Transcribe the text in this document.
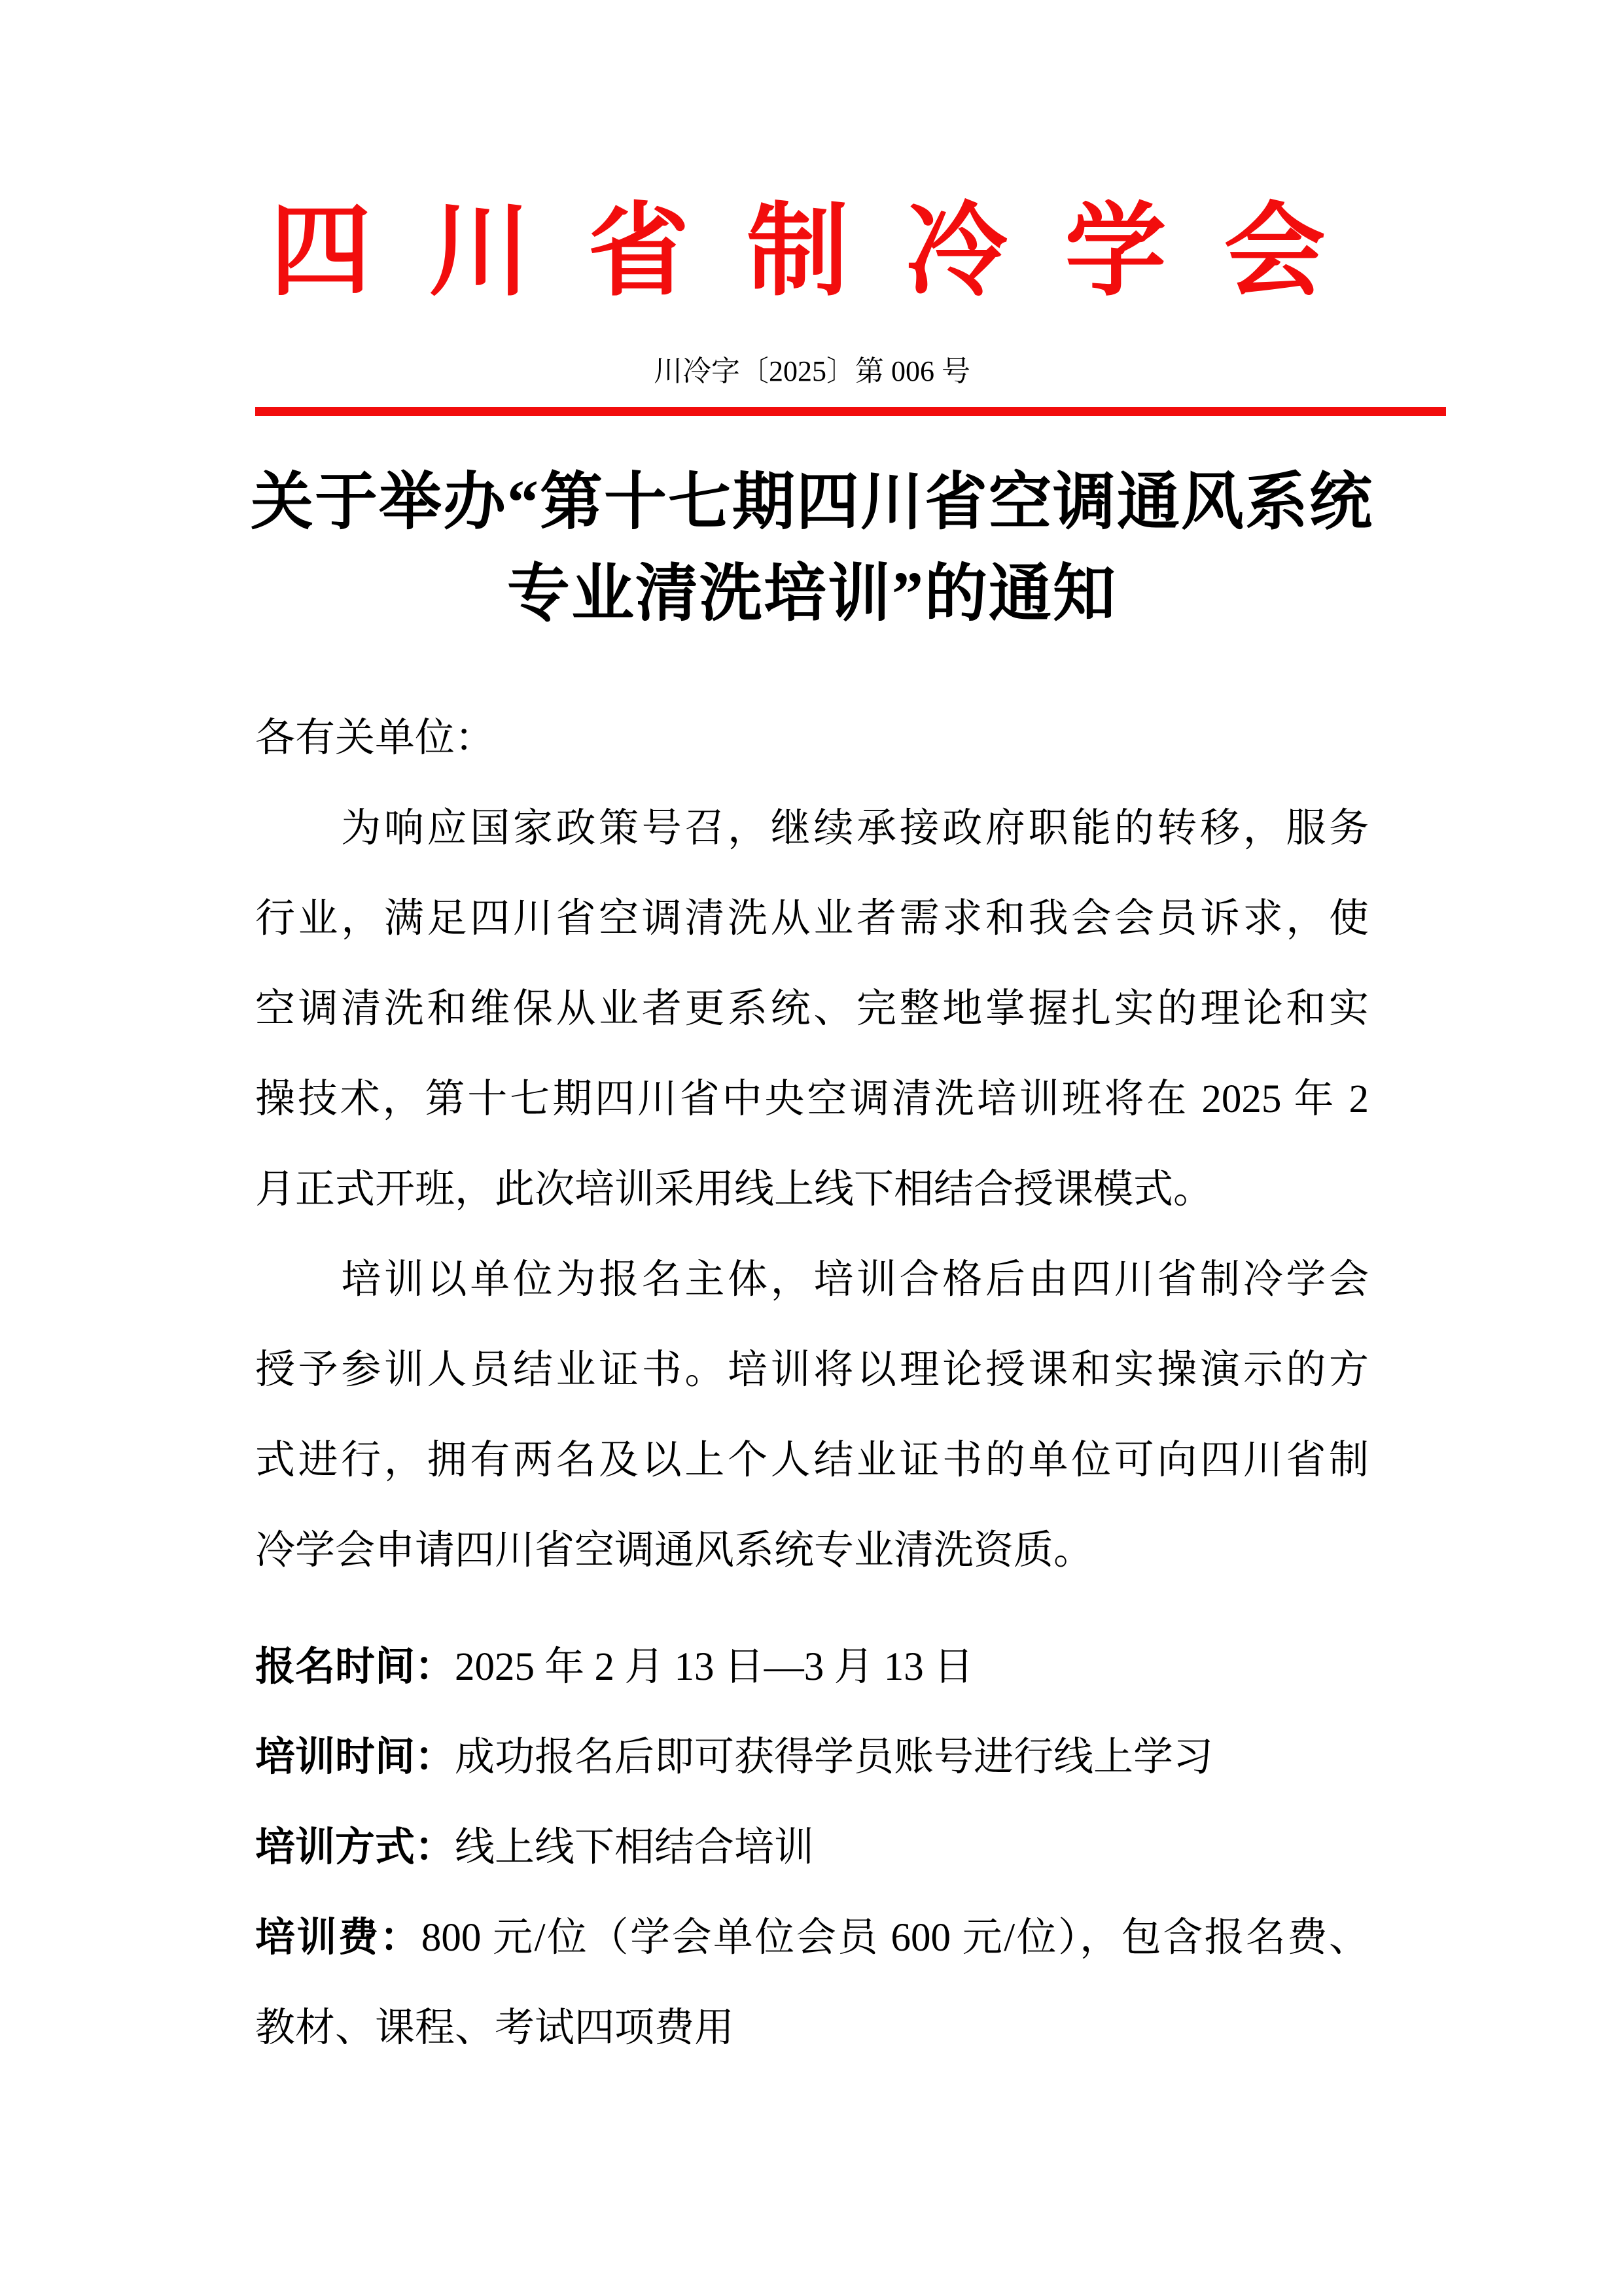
四川省制冷学会
川冷字〔2025〕第 006 号
关于举办“第十七期四川省空调通风系统
专业清洗培训”的通知
各有关单位：
　　为响应国家政策号召，继续承接政府职能的转移，服务
行业，满足四川省空调清洗从业者需求和我会会员诉求，使
空调清洗和维保从业者更系统、完整地掌握扎实的理论和实
操技术，第十七期四川省中央空调清洗培训班将在 2025 年 2
月正式开班，此次培训采用线上线下相结合授课模式。
　　培训以单位为报名主体，培训合格后由四川省制冷学会
授予参训人员结业证书。培训将以理论授课和实操演示的方
式进行，拥有两名及以上个人结业证书的单位可向四川省制
冷学会申请四川省空调通风系统专业清洗资质。
报名时间：2025 年 2 月 13 日—3 月 13 日
培训时间：成功报名后即可获得学员账号进行线上学习
培训方式：线上线下相结合培训
培训费：800 元/位（学会单位会员 600 元/位），包含报名费、
教材、课程、考试四项费用
